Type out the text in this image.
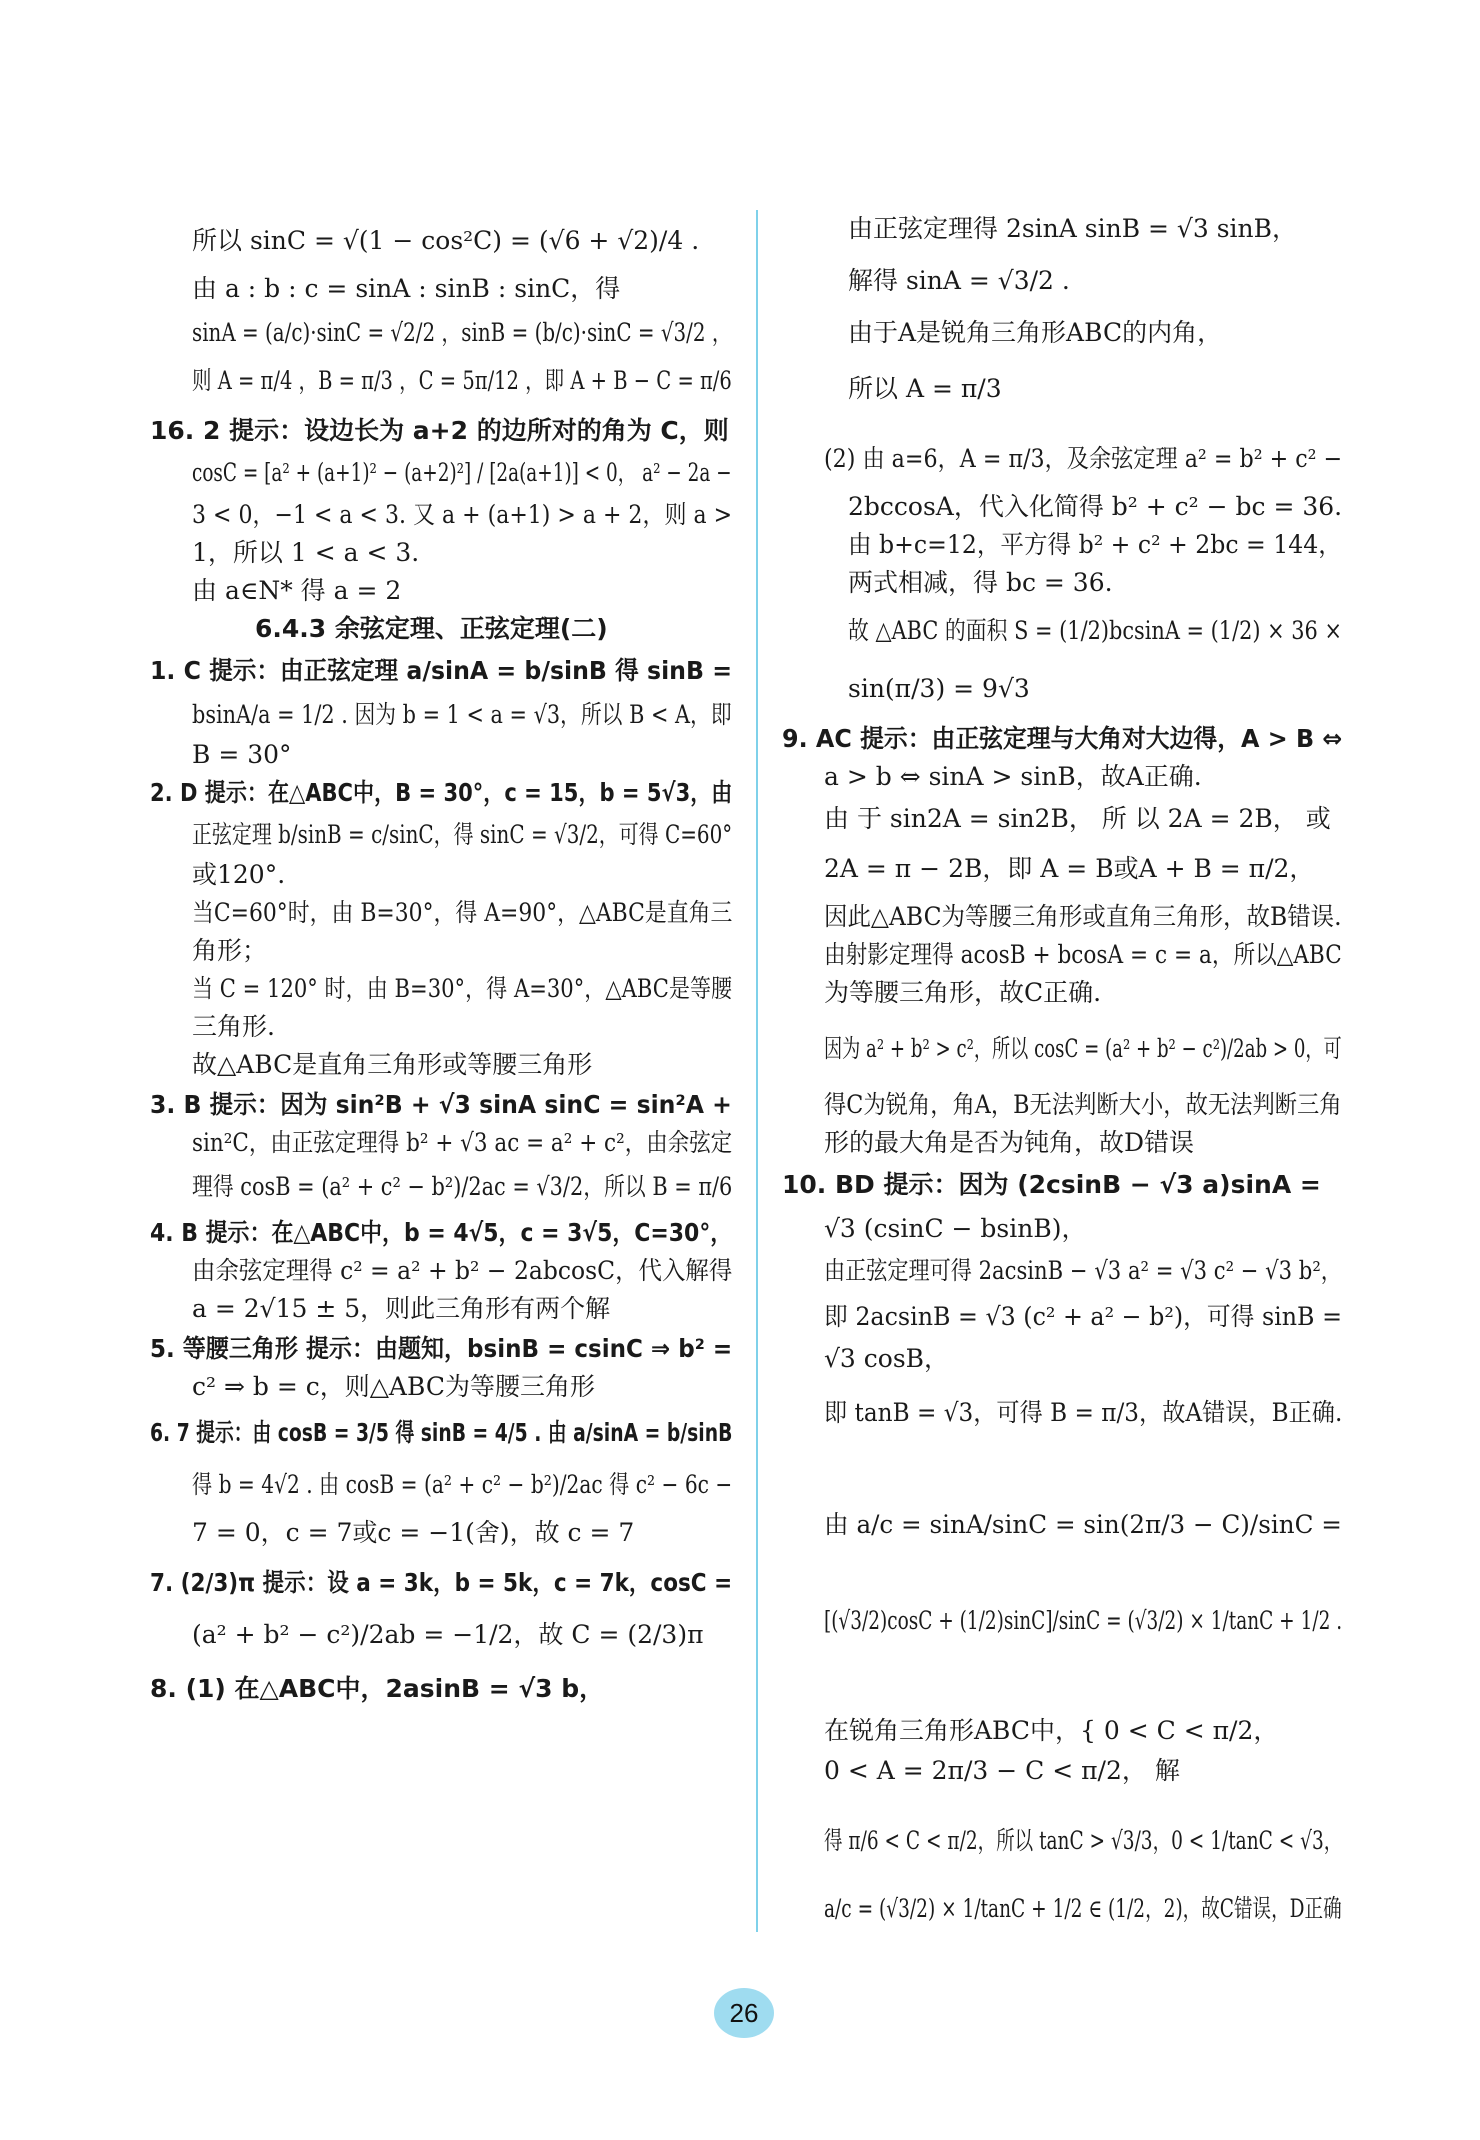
所以 sinC = √(1 − cos²C) = (√6 + √2)/4 .
由 a : b : c = sinA : sinB : sinC，得
sinA = (a/c)·sinC = √2/2 ，sinB = (b/c)·sinC = √3/2 ，
则 A = π/4 ，B = π/3 ，C = 5π/12 ，即 A + B − C = π/6
16. 2 提示：设边长为 a+2 的边所对的角为 C，则
cosC = [a² + (a+1)² − (a+2)²] / [2a(a+1)] < 0， a² − 2a −
3 < 0，−1 < a < 3. 又 a + (a+1) > a + 2，则 a >
1，所以 1 < a < 3.
由 a∈N* 得 a = 2
6.4.3 余弦定理、正弦定理(二)
1. C 提示：由正弦定理 a/sinA = b/sinB 得 sinB =
bsinA/a = 1/2 . 因为 b = 1 < a = √3，所以 B < A，即
B = 30°
2. D 提示：在△ABC中，B = 30°，c = 15，b = 5√3，由
正弦定理 b/sinB = c/sinC，得 sinC = √3/2，可得 C=60°
或120°.
当C=60°时，由 B=30°，得 A=90°，△ABC是直角三
角形；
当 C = 120° 时，由 B=30°，得 A=30°，△ABC是等腰
三角形.
故△ABC是直角三角形或等腰三角形
3. B 提示：因为 sin²B + √3 sinA sinC = sin²A +
sin²C，由正弦定理得 b² + √3 ac = a² + c²，由余弦定
理得 cosB = (a² + c² − b²)/2ac = √3/2，所以 B = π/6
4. B 提示：在△ABC中，b = 4√5，c = 3√5，C=30°，
由余弦定理得 c² = a² + b² − 2abcosC，代入解得
a = 2√15 ± 5，则此三角形有两个解
5. 等腰三角形 提示：由题知，bsinB = csinC ⇒ b² =
c² ⇒ b = c，则△ABC为等腰三角形
6. 7 提示：由 cosB = 3/5 得 sinB = 4/5 . 由 a/sinA = b/sinB
得 b = 4√2 . 由 cosB = (a² + c² − b²)/2ac 得 c² − 6c −
7 = 0，c = 7或c = −1(舍)，故 c = 7
7. (2/3)π 提示：设 a = 3k，b = 5k，c = 7k，cosC =
(a² + b² − c²)/2ab = −1/2，故 C = (2/3)π
8. (1) 在△ABC中，2asinB = √3 b，
由正弦定理得 2sinA sinB = √3 sinB，
解得 sinA = √3/2 .
由于A是锐角三角形ABC的内角，
所以 A = π/3
(2) 由 a=6，A = π/3，及余弦定理 a² = b² + c² −
2bccosA，代入化简得 b² + c² − bc = 36.
由 b+c=12，平方得 b² + c² + 2bc = 144，
两式相减，得 bc = 36.
故 △ABC 的面积 S = (1/2)bcsinA = (1/2) × 36 ×
sin(π/3) = 9√3
9. AC 提示：由正弦定理与大角对大边得，A > B ⇔
a > b ⇔ sinA > sinB，故A正确.
由 于 sin2A = sin2B， 所 以 2A = 2B， 或
2A = π − 2B，即 A = B或A + B = π/2，
因此△ABC为等腰三角形或直角三角形，故B错误.
由射影定理得 acosB + bcosA = c = a，所以△ABC
为等腰三角形，故C正确.
因为 a² + b² > c²，所以 cosC = (a² + b² − c²)/2ab > 0，可
得C为锐角，角A，B无法判断大小，故无法判断三角
形的最大角是否为钝角，故D错误
10. BD 提示：因为 (2csinB − √3 a)sinA =
√3 (csinC − bsinB)，
由正弦定理可得 2acsinB − √3 a² = √3 c² − √3 b²，
即 2acsinB = √3 (c² + a² − b²)，可得 sinB =
√3 cosB，
即 tanB = √3，可得 B = π/3，故A错误，B正确.
由 a/c = sinA/sinC = sin(2π/3 − C)/sinC =
[(√3/2)cosC + (1/2)sinC]/sinC = (√3/2) × 1/tanC + 1/2 .
在锐角三角形ABC中，{ 0 < C < π/2，
0 < A = 2π/3 − C < π/2， 解
得 π/6 < C < π/2，所以 tanC > √3/3，0 < 1/tanC < √3，
a/c = (√3/2) × 1/tanC + 1/2 ∈ (1/2，2)，故C错误，D正确
26
